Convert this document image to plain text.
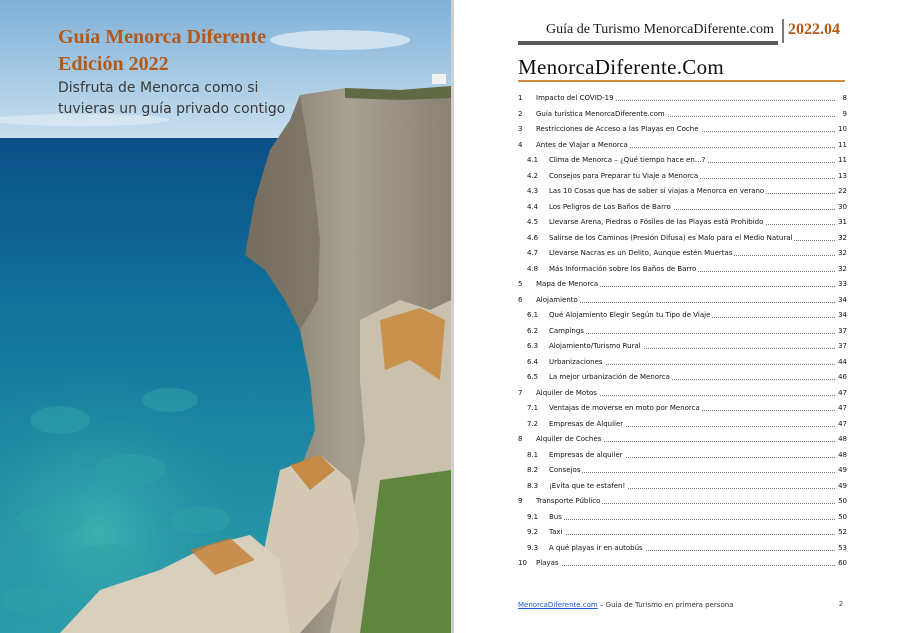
Guía Menorca Diferente
Edición 2022
Disfruta de Menorca como si
tuvieras un guía privado contigo
Guía de Turismo MenorcaDiferente.com 2022.04
MenorcaDiferente.Com
1 Impacto del COVID-19	8
2 Guía turística MenorcaDiferente.com	9
3 Restricciones de Acceso a las Playas en Coche	10
4 Antes de Viajar a Menorca	11
4.1 Clima de Menorca – ¿Qué tiempo hace en…?	11
4.2 Consejos para Preparar tu Viaje a Menorca	13
4.3 Las 10 Cosas que has de saber si viajas a Menorca en verano	22
4.4 Los Peligros de Los Baños de Barro	30
4.5 Llevarse Arena, Piedras o Fósiles de las Playas está Prohibido	31
4.6 Salirse de los Caminos (Presión Difusa) es Malo para el Medio Natural	32
4.7 Llevarse Nacras es un Delito, Aunque estén Muertas	32
4.8 Más Información sobre los Baños de Barro	32
5 Mapa de Menorca	33
6 Alojamiento	34
6.1 Qué Alojamiento Elegir Según tu Tipo de Viaje	34
6.2 Campings	37
6.3 Alojamiento/Turismo Rural	37
6.4 Urbanizaciones	44
6.5 La mejor urbanización de Menorca	46
7 Alquiler de Motos	47
7.1 Ventajas de moverse en moto por Menorca	47
7.2 Empresas de Alquiler	47
8 Alquiler de Coches	48
8.1 Empresas de alquiler	48
8.2 Consejos	49
8.3 ¡Evita que te estafen!	49
9 Transporte Público	50
9.1 Bus	50
9.2 Taxi	52
9.3 A qué playas ir en autobús	53
10 Playas	60
MenorcaDiferente.com – Guía de Turismo en primera persona	2
